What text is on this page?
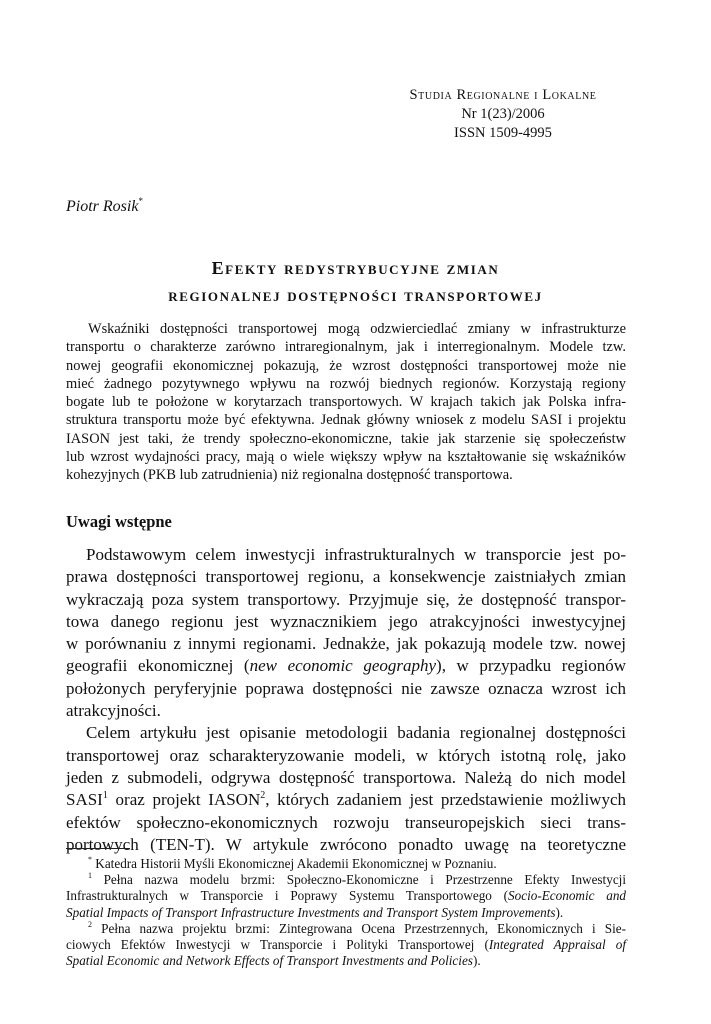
Studia Regionalne i Lokalne
Nr 1(23)/2006
ISSN 1509-4995
Piotr Rosik*
Efekty redystrybucyjne zmian
regionalnej dostępności transportowej
Wskaźniki dostępności transportowej mogą odzwierciedlać zmiany w infrastrukturze
transportu o charakterze zarówno intraregionalnym, jak i interregionalnym. Modele tzw.
nowej geografii ekonomicznej pokazują, że wzrost dostępności transportowej może nie
mieć żadnego pozytywnego wpływu na rozwój biednych regionów. Korzystają regiony
bogate lub te położone w korytarzach transportowych. W krajach takich jak Polska infra-
struktura transportu może być efektywna. Jednak główny wniosek z modelu SASI i projektu
IASON jest taki, że trendy społeczno-ekonomiczne, takie jak starzenie się społeczeństw
lub wzrost wydajności pracy, mają o wiele większy wpływ na kształtowanie się wskaźników
kohezyjnych (PKB lub zatrudnienia) niż regionalna dostępność transportowa.
Uwagi wstępne
Podstawowym celem inwestycji infrastrukturalnych w transporcie jest po-
prawa dostępności transportowej regionu, a konsekwencje zaistniałych zmian
wykraczają poza system transportowy. Przyjmuje się, że dostępność transpor-
towa danego regionu jest wyznacznikiem jego atrakcyjności inwestycyjnej
w porównaniu z innymi regionami. Jednakże, jak pokazują modele tzw. nowej
geografii ekonomicznej (new economic geography), w przypadku regionów
położonych peryferyjnie poprawa dostępności nie zawsze oznacza wzrost ich
atrakcyjności.
Celem artykułu jest opisanie metodologii badania regionalnej dostępności
transportowej oraz scharakteryzowanie modeli, w których istotną rolę, jako
jeden z submodeli, odgrywa dostępność transportowa. Należą do nich model
SASI$^1$ oraz projekt IASON$^2$, których zadaniem jest przedstawienie możliwych
efektów społeczno-ekonomicznych rozwoju transeuropejskich sieci trans-
portowych (TEN-T). W artykule zwrócono ponadto uwagę na teoretyczne
* Katedra Historii Myśli Ekonomicznej Akademii Ekonomicznej w Poznaniu.
$^1$ Pełna nazwa modelu brzmi: Społeczno-Ekonomiczne i Przestrzenne Efekty Inwestycji
Infrastrukturalnych w Transporcie i Poprawy Systemu Transportowego (Socio-Economic and
Spatial Impacts of Transport Infrastructure Investments and Transport System Improvements).
$^2$ Pełna nazwa projektu brzmi: Zintegrowana Ocena Przestrzennych, Ekonomicznych i Sie-
ciowych Efektów Inwestycji w Transporcie i Polityki Transportowej (Integrated Appraisal of
Spatial Economic and Network Effects of Transport Investments and Policies).
